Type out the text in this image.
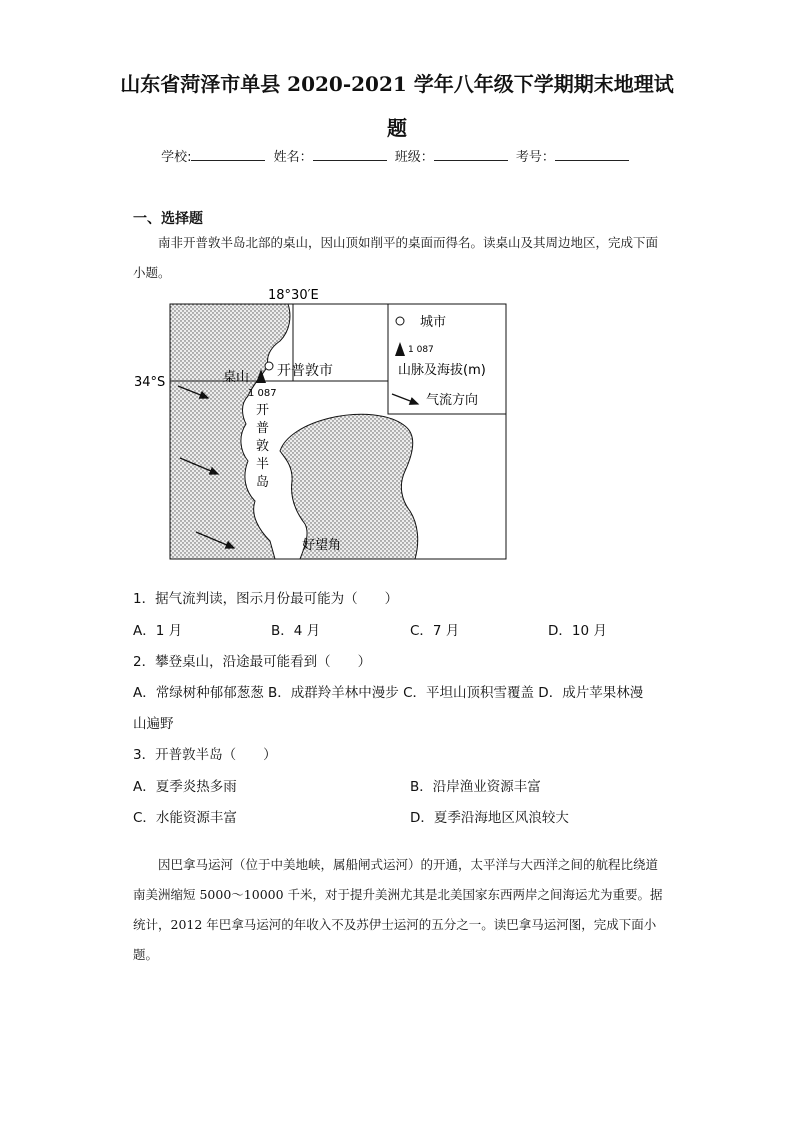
山东省菏泽市单县 2020-2021 学年八年级下学期期末地理试
题
学校:	姓名：	班级：	考号：
一、选择题
南非开普敦半岛北部的桌山，因山顶如削平的桌面而得名。读桌山及其周边地区，完成下面小题。
城市
1 087
山脉及海拔(m)
气流方向
18°30′E
34°S
开普敦市
桌山
1 087
开
普
敦
半
岛
好望角
1．据气流判读，图示月份最可能为（　　）
A．1 月	B．4 月	C．7 月	D．10 月
2．攀登桌山，沿途最可能看到（　　）
A．常绿树种郁郁葱葱 B．成群羚羊林中漫步 C．平坦山顶积雪覆盖 D．成片苹果林漫
山遍野
3．开普敦半岛（　　）
A．夏季炎热多雨	B．沿岸渔业资源丰富
C．水能资源丰富	D．夏季沿海地区风浪较大
因巴拿马运河（位于中美地峡，属船闸式运河）的开通，太平洋与大西洋之间的航程比绕道南美洲缩短 5000～10000 千米，对于提升美洲尤其是北美国家东西两岸之间海运尤为重要。据统计，2012 年巴拿马运河的年收入不及苏伊士运河的五分之一。读巴拿马运河图，完成下面小题。
